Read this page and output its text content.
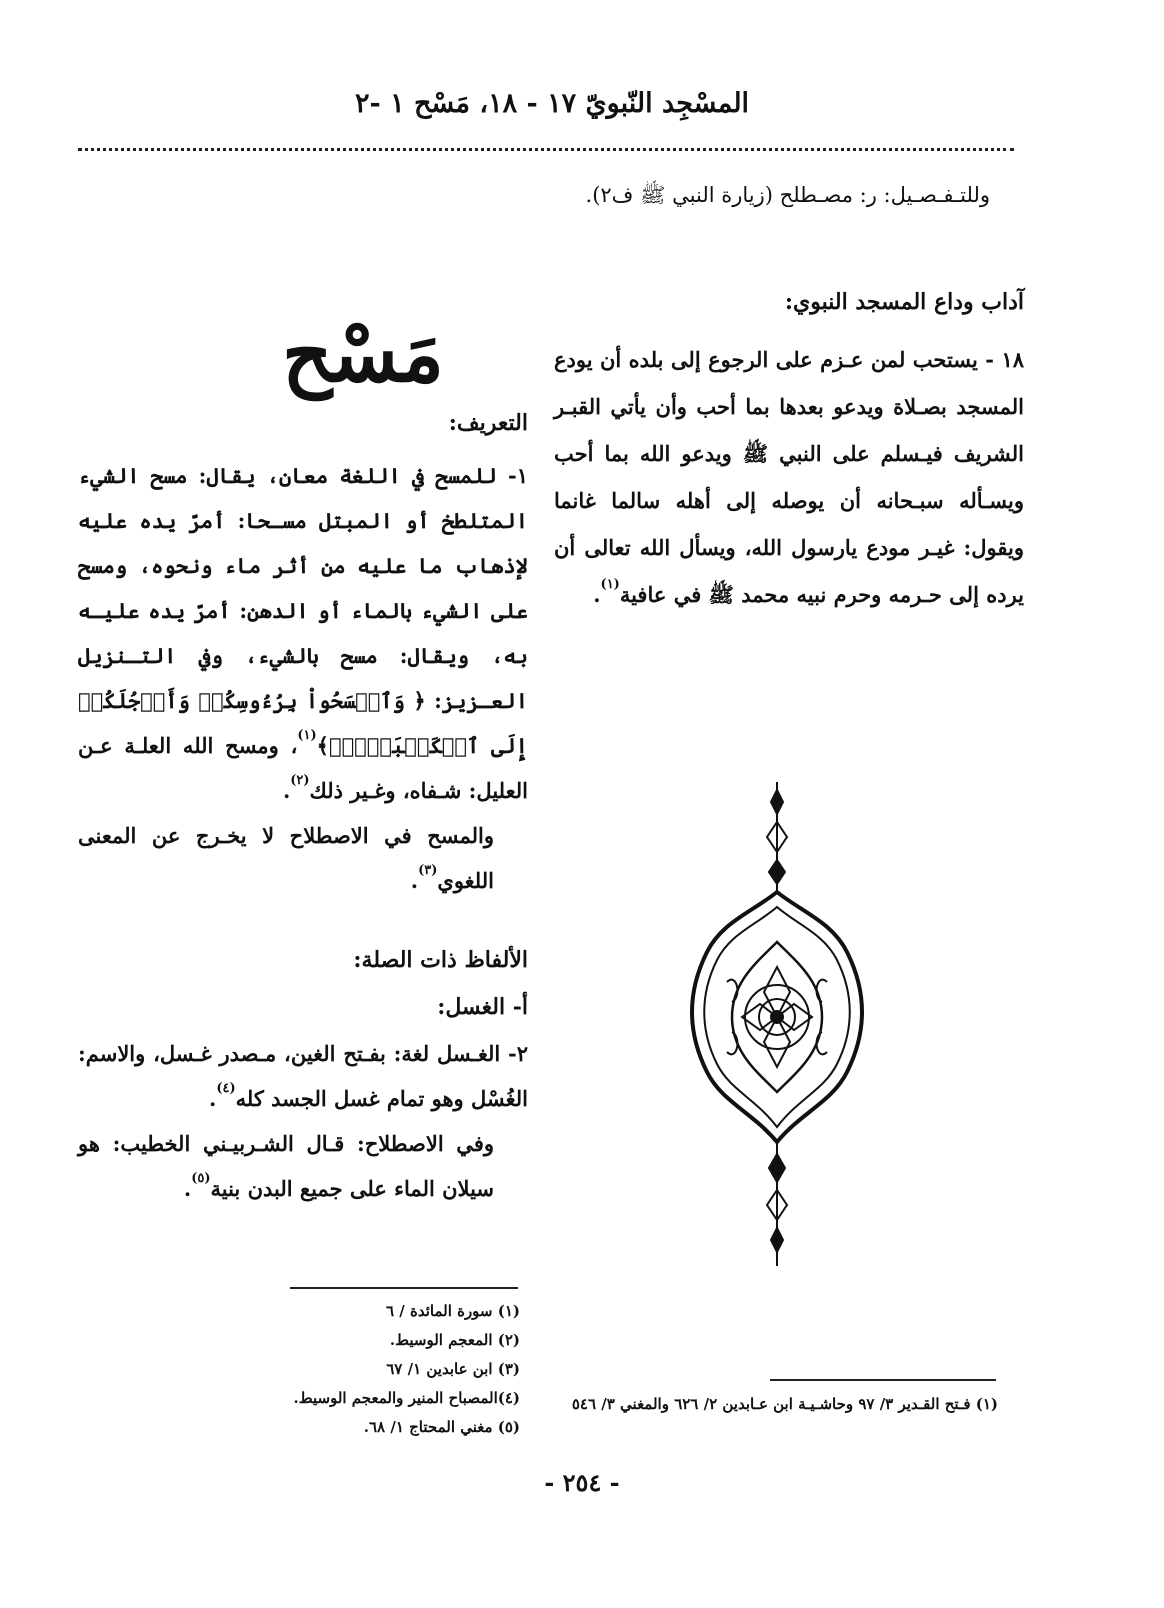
المسْجِد النّبويّ ١٧ - ١٨، مَسْح ١ -٢

وللتـفـصـيل: ر: مصـطلح (زيارة النبي ﷺ ف٢).

آداب وداع المسجد النبوي:

١٨ - يستحب لمن عـزم على الرجوع إلى بلده أن يودع المسجد بصـلاة ويدعو بعدها بما أحب وأن يأتي القبـر الشريف فيـسلم على النبي ﷺ ويدعو الله بما أحب ويسـأله سبـحانه أن يوصله إلى أهله سالما غانما ويقول: غيـر مودع يارسول الله، ويسأل الله تعالى أن يرده إلى حـرمه وحرم نبيه محمد ﷺ في عافية$^{(١)}$.

مَسْح
التعريف:

١- للمسح في اللغة معان، يقال: مسح الشيء المتلطخ أو المبتل مسـحا: أمرّ يده عليه لإذهاب ما عليه من أثر ماء ونحوه، ومسح على الشيء بالماء أو الدهن: أمرّ يده عليـه به، ويقال: مسح بالشيء، وفي التـنزيل العـزيز: ﴿ وَٱمۡسَحُواْ بِرُءُوسِكُمۡ وَأَرۡجُلَكُمۡ إِلَى ٱلۡكَعۡبَيۡنِۚ﴾$^{(١)}$، ومسح الله العلـة عـن العليل: شـفاه، وغـير ذلك$^{(٢)}$.

والمسح في الاصطلاح لا يخـرج عن المعنى اللغوي$^{(٣)}$.

الألفاظ ذات الصلة:
أ- الغسل:

٢- الغـسل لغة: بفـتح الغين، مـصدر غـسل، والاسم: الغُسْل وهو تمام غسل الجسد كله$^{(٤)}$.

وفي الاصطلاح: قـال الشـربيـني الخطيب: هو سيلان الماء على جميع البدن بنية$^{(٥)}$.

(١) سورة المائدة / ٦
(٢) المعجم الوسيط.
(٣) ابن عابدين ١/ ٦٧
(٤)المصباح المنير والمعجم الوسيط.
(٥) مغني المحتاج ١/ ٦٨.
(١) فـتح القـدير ٣/ ٩٧ وحاشـيـة ابن عـابدين ٢/ ٦٢٦ والمغني ٣/ ٥٤٦
- ٢٥٤ -
